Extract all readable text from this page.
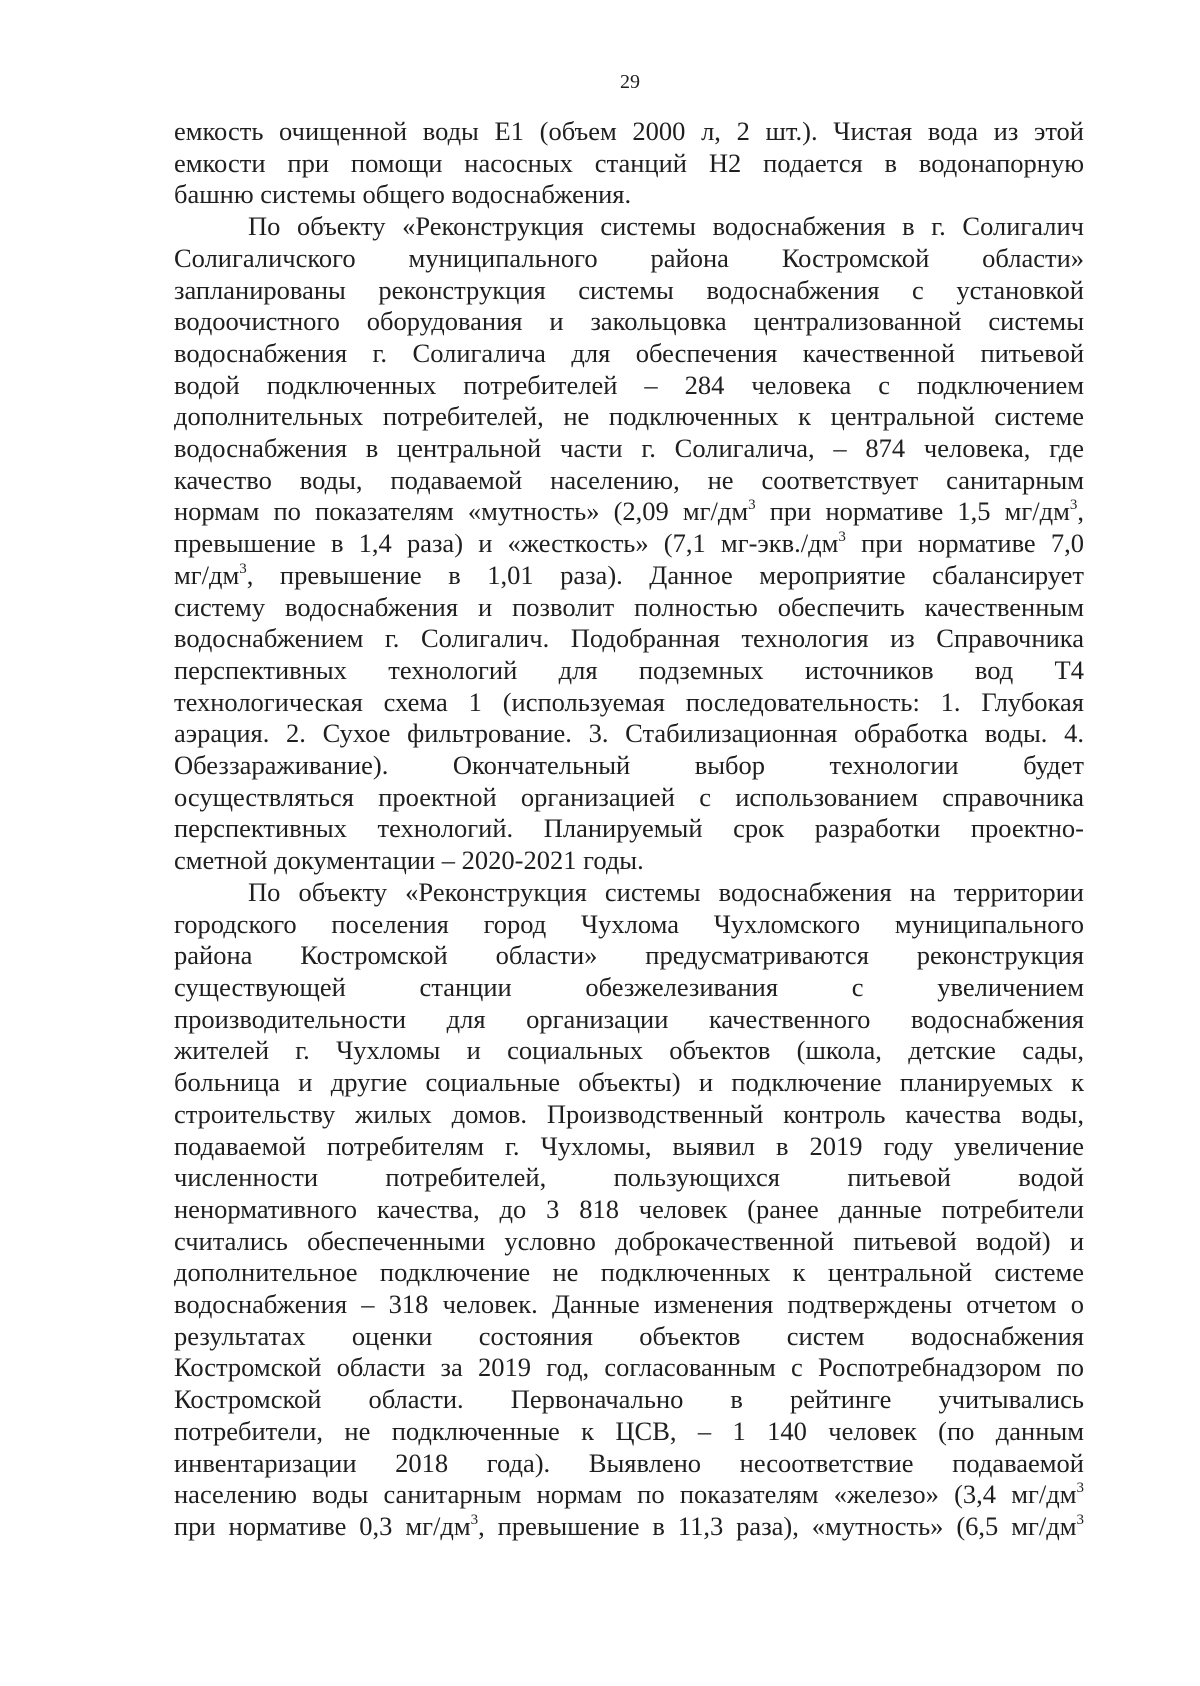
29
емкость очищенной воды Е1 (объем 2000 л, 2 шт.). Чистая вода из этой
емкости при помощи насосных станций Н2 подается в водонапорную
башню системы общего водоснабжения.
По объекту «Реконструкция системы водоснабжения в г. Солигалич
Солигаличского муниципального района Костромской области»
запланированы реконструкция системы водоснабжения с установкой
водоочистного оборудования и закольцовка централизованной системы
водоснабжения г. Солигалича для обеспечения качественной питьевой
водой подключенных потребителей – 284 человека с подключением
дополнительных потребителей, не подключенных к центральной системе
водоснабжения в центральной части г. Солигалича, – 874 человека, где
качество воды, подаваемой населению, не соответствует санитарным
нормам по показателям «мутность» (2,09 $мг/дм^3$ при нормативе 1,5 $мг/дм^3$,
превышение в 1,4 раза) и «жесткость» (7,1 $мг-экв./дм^3$ при нормативе 7,0
$мг/дм^3$, превышение в 1,01 раза). Данное мероприятие сбалансирует
систему водоснабжения и позволит полностью обеспечить качественным
водоснабжением г. Солигалич. Подобранная технология из Справочника
перспективных технологий для подземных источников вод Т4
технологическая схема 1 (используемая последовательность: 1. Глубокая
аэрация. 2. Сухое фильтрование. 3. Стабилизационная обработка воды. 4.
Обеззараживание). Окончательный выбор технологии будет
осуществляться проектной организацией с использованием справочника
перспективных технологий. Планируемый срок разработки проектно-
сметной документации – 2020-2021 годы.
По объекту «Реконструкция системы водоснабжения на территории
городского поселения город Чухлома Чухломского муниципального
района Костромской области» предусматриваются реконструкция
существующей станции обезжелезивания с увеличением
производительности для организации качественного водоснабжения
жителей г. Чухломы и социальных объектов (школа, детские сады,
больница и другие социальные объекты) и подключение планируемых к
строительству жилых домов. Производственный контроль качества воды,
подаваемой потребителям г. Чухломы, выявил в 2019 году увеличение
численности потребителей, пользующихся питьевой водой
ненормативного качества, до 3 818 человек (ранее данные потребители
считались обеспеченными условно доброкачественной питьевой водой) и
дополнительное подключение не подключенных к центральной системе
водоснабжения – 318 человек. Данные изменения подтверждены отчетом о
результатах оценки состояния объектов систем водоснабжения
Костромской области за 2019 год, согласованным с Роспотребнадзором по
Костромской области. Первоначально в рейтинге учитывались
потребители, не подключенные к ЦСВ, – 1 140 человек (по данным
инвентаризации 2018 года). Выявлено несоответствие подаваемой
населению воды санитарным нормам по показателям «железо» (3,4 $мг/дм^3$
при нормативе 0,3 $мг/дм^3$, превышение в 11,3 раза), «мутность» (6,5 $мг/дм^3$
